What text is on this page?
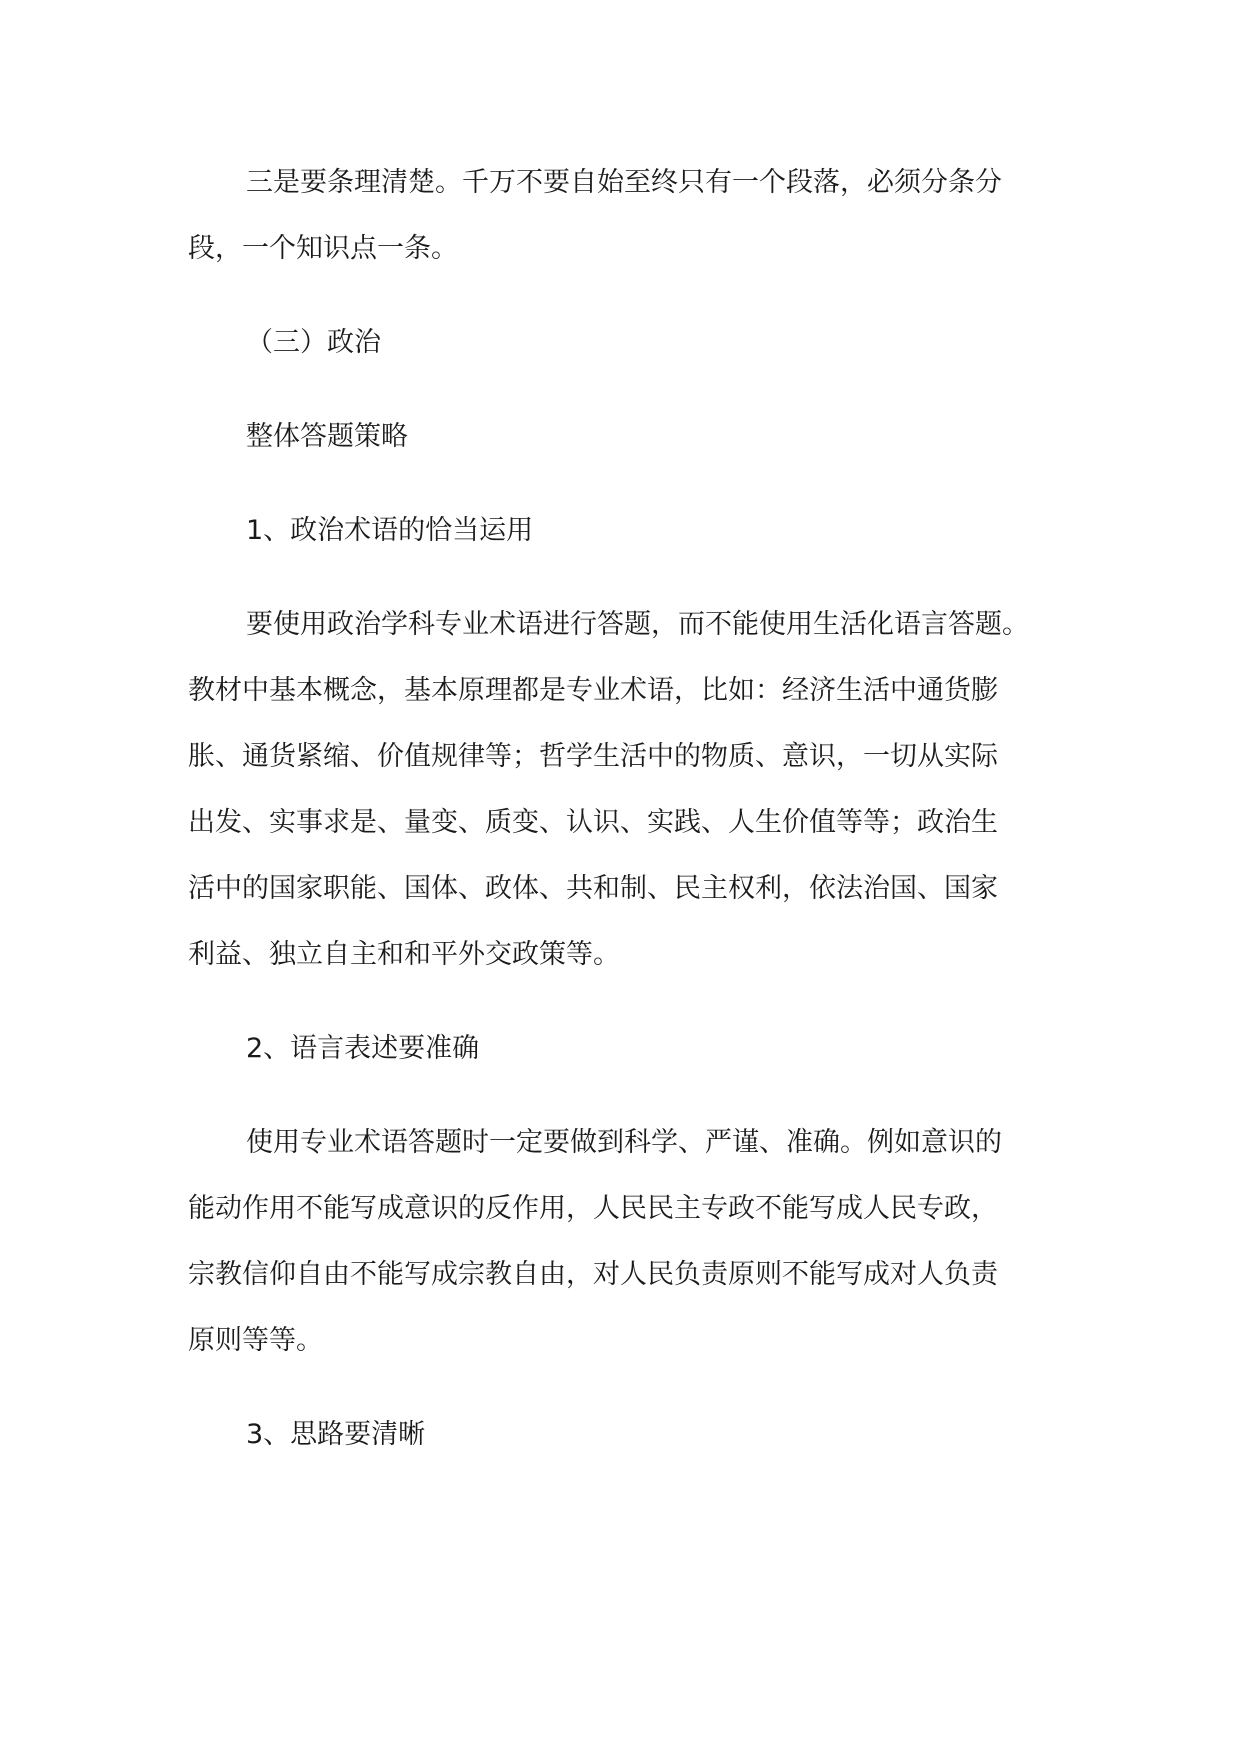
三是要条理清楚。千万不要自始至终只有一个段落，必须分条分
段，一个知识点一条。
（三）政治
整体答题策略
1、政治术语的恰当运用
要使用政治学科专业术语进行答题，而不能使用生活化语言答题。
教材中基本概念，基本原理都是专业术语，比如：经济生活中通货膨
胀、通货紧缩、价值规律等；哲学生活中的物质、意识，一切从实际
出发、实事求是、量变、质变、认识、实践、人生价值等等；政治生
活中的国家职能、国体、政体、共和制、民主权利，依法治国、国家
利益、独立自主和和平外交政策等。
2、语言表述要准确
使用专业术语答题时一定要做到科学、严谨、准确。例如意识的
能动作用不能写成意识的反作用，人民民主专政不能写成人民专政，
宗教信仰自由不能写成宗教自由，对人民负责原则不能写成对人负责
原则等等。
3、思路要清晰
